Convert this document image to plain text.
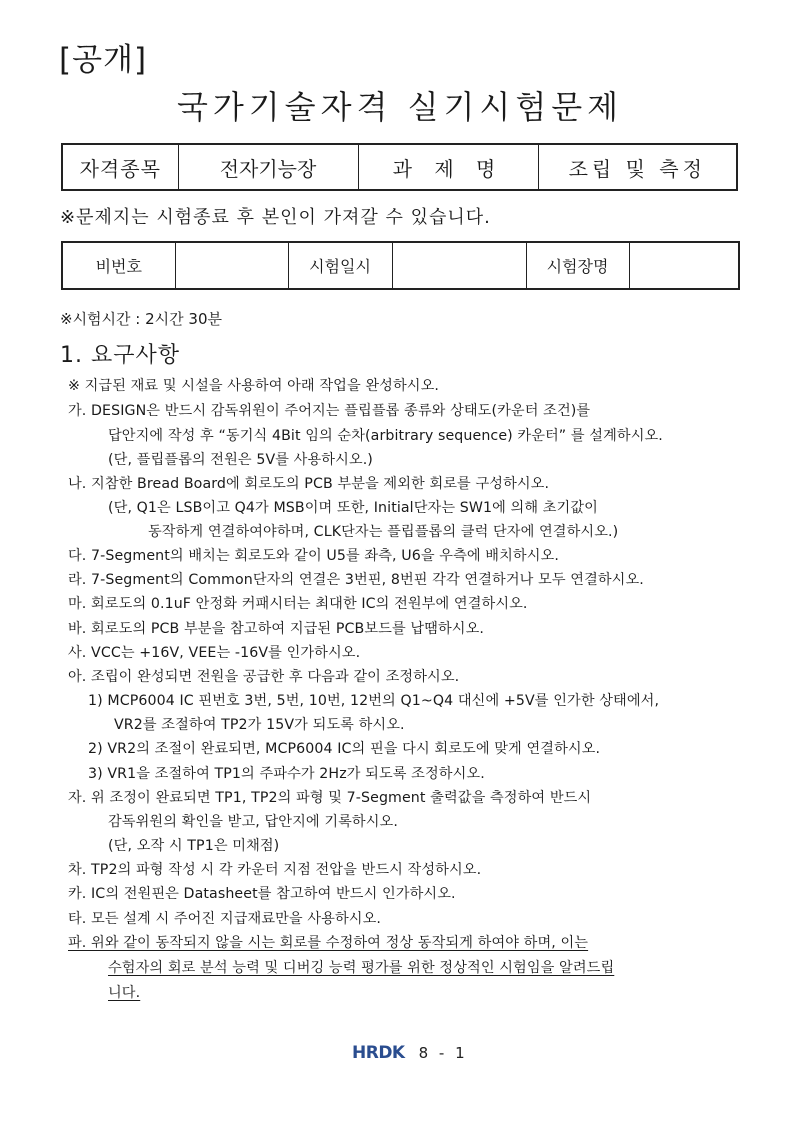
[공개]
국가기술자격 실기시험문제
자격종목	전자기능장	과 제 명	조립 및 측정
※문제지는 시험종료 후 본인이 가져갈 수 있습니다.
비번호		시험일시		시험장명	
※시험시간 : 2시간 30분
1. 요구사항
※ 지급된 재료 및 시설을 사용하여 아래 작업을 완성하시오.
가. DESIGN은 반드시 감독위원이 주어지는 플립플롭 종류와 상태도(카운터 조건)를
답안지에 작성 후 “동기식 4Bit 임의 순차(arbitrary sequence) 카운터” 를 설계하시오.
(단, 플립플롭의 전원은 5V를 사용하시오.)
나. 지참한 Bread Board에 회로도의 PCB 부분을 제외한 회로를 구성하시오.
(단, Q1은 LSB이고 Q4가 MSB이며 또한, Initial단자는 SW1에 의해 초기값이
동작하게 연결하여야하며, CLK단자는 플립플롭의 클럭 단자에 연결하시오.)
다. 7-Segment의 배치는 회로도와 같이 U5를 좌측, U6을 우측에 배치하시오.
라. 7-Segment의 Common단자의 연결은 3번핀, 8번핀 각각 연결하거나 모두 연결하시오.
마. 회로도의 0.1uF 안정화 커패시터는 최대한 IC의 전원부에 연결하시오.
바. 회로도의 PCB 부분을 참고하여 지급된 PCB보드를 납땜하시오.
사. VCC는 +16V, VEE는 -16V를 인가하시오.
아. 조립이 완성되면 전원을 공급한 후 다음과 같이 조정하시오.
1) MCP6004 IC 핀번호 3번, 5번, 10번, 12번의 Q1~Q4 대신에 +5V를 인가한 상태에서,
VR2를 조절하여 TP2가 15V가 되도록 하시오.
2) VR2의 조절이 완료되면, MCP6004 IC의 핀을 다시 회로도에 맞게 연결하시오.
3) VR1을 조절하여 TP1의 주파수가 2Hz가 되도록 조정하시오.
자. 위 조정이 완료되면 TP1, TP2의 파형 및 7-Segment 출력값을 측정하여 반드시
감독위원의 확인을 받고, 답안지에 기록하시오.
(단, 오작 시 TP1은 미채점)
차. TP2의 파형 작성 시 각 카운터 지점 전압을 반드시 작성하시오.
카. IC의 전원핀은 Datasheet를 참고하여 반드시 인가하시오.
타. 모든 설계 시 주어진 지급재료만을 사용하시오.
파. 위와 같이 동작되지 않을 시는 회로를 수정하여 정상 동작되게 하여야 하며, 이는
수험자의 회로 분석 능력 및 디버깅 능력 평가를 위한 정상적인 시험임을 알려드립
니다.
HRDK 8 - 1
